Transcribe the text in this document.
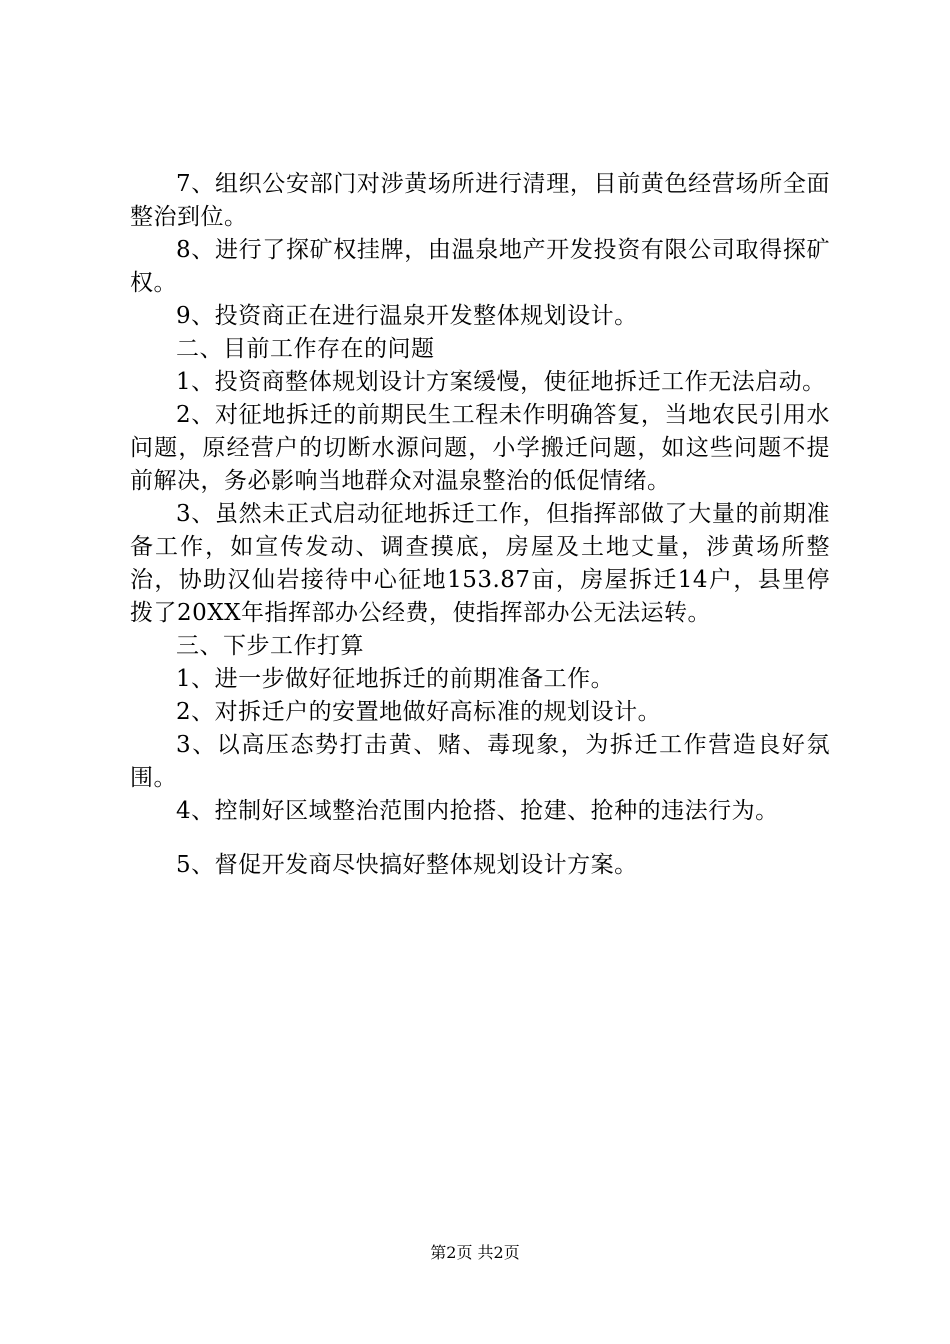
7、组织公安部门对涉黄场所进行清理，目前黄色经营场所全面整治到位。

8、进行了探矿权挂牌，由温泉地产开发投资有限公司取得探矿权。

9、投资商正在进行温泉开发整体规划设计。

二、目前工作存在的问题

1、投资商整体规划设计方案缓慢，使征地拆迁工作无法启动。

2、对征地拆迁的前期民生工程未作明确答复，当地农民引用水问题，原经营户的切断水源问题，小学搬迁问题，如这些问题不提前解决，务必影响当地群众对温泉整治的低促情绪。

3、虽然未正式启动征地拆迁工作，但指挥部做了大量的前期准备工作，如宣传发动、调查摸底，房屋及土地丈量，涉黄场所整治，协助汉仙岩接待中心征地153.87亩，房屋拆迁14户，县里停拨了20XX年指挥部办公经费，使指挥部办公无法运转。

三、下步工作打算

1、进一步做好征地拆迁的前期准备工作。

2、对拆迁户的安置地做好高标准的规划设计。

3、以高压态势打击黄、赌、毒现象，为拆迁工作营造良好氛围。

4、控制好区域整治范围内抢搭、抢建、抢种的违法行为。

5、督促开发商尽快搞好整体规划设计方案。

第2页 共2页
